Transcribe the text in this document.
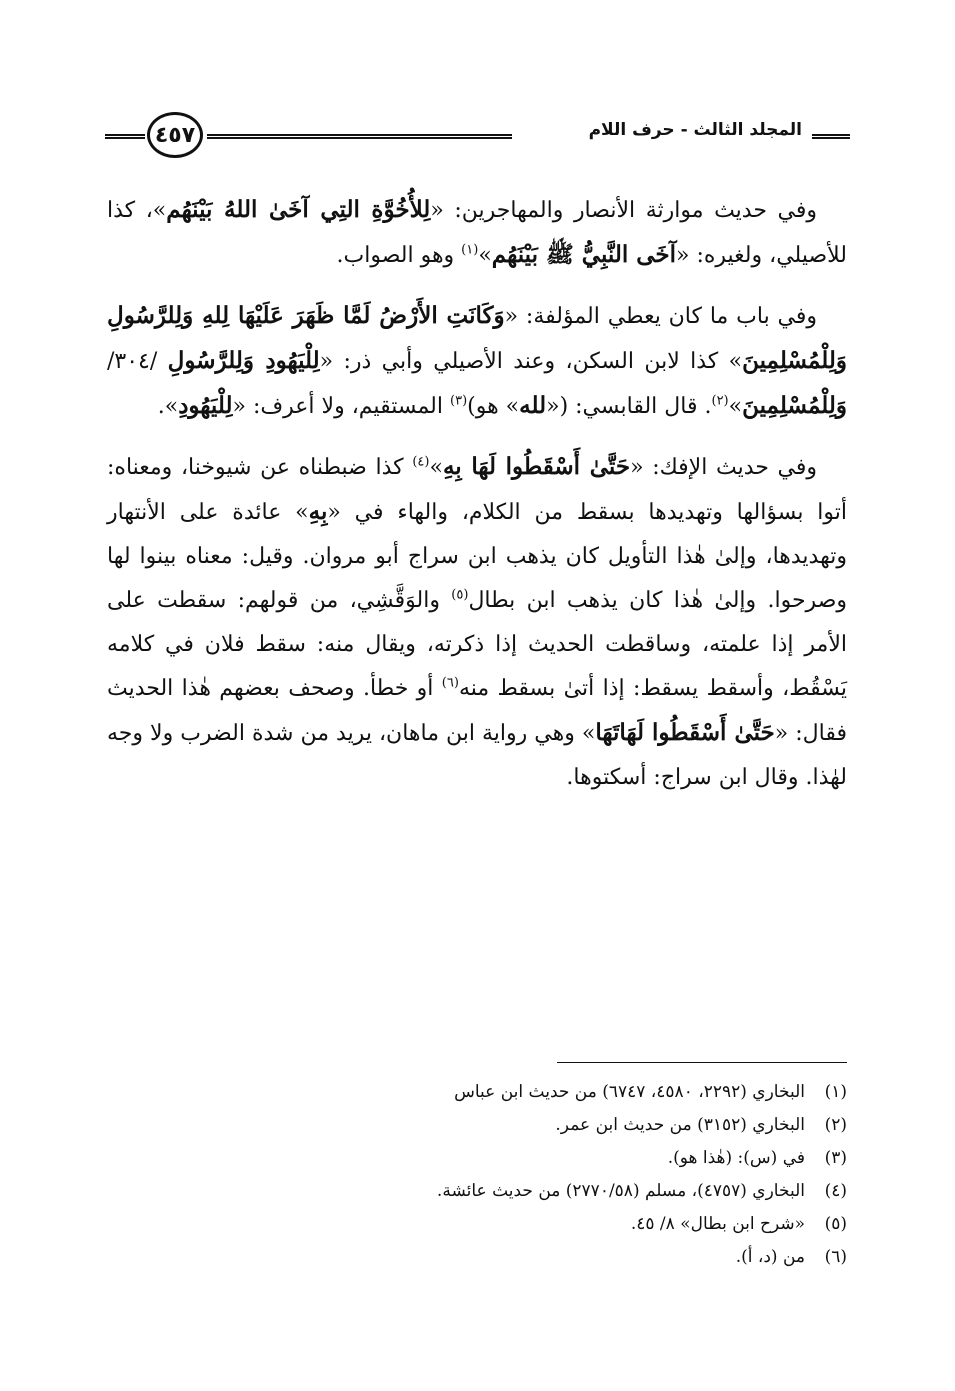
المجلد الثالث - حرف اللام
٤٥٧

وفي حديث موارثة الأنصار والمهاجرين: «لِلأُخُوَّةِ التِي آخَىٰ اللهُ بَيْنَهُم»، كذا للأصيلي، ولغيره: «آخَى النَّبِيُّ ﷺ بَيْنَهُم»$^{(١)}$ وهو الصواب.

وفي باب ما كان يعطي المؤلفة: «وَكَانَتِ الأَرْضُ لَمَّا ظَهَرَ عَلَيْهَا لِلهِ وَلِلرَّسُولِ وَلِلْمُسْلِمِينَ» كذا لابن السكن، وعند الأصيلي وأبي ذر: «لِلْيَهُودِ وَلِلرَّسُولِ /٣٠٤/ وَلِلْمُسْلِمِينَ»$^{(٢)}$. قال القابسي: («لله» هو)$^{(٣)}$ المستقيم، ولا أعرف: «لِلْيَهُودِ».

وفي حديث الإفك: «حَتَّىٰ أَسْقَطُوا لَهَا بِهِ»$^{(٤)}$ كذا ضبطناه عن شيوخنا، ومعناه: أتوا بسؤالها وتهديدها بسقط من الكلام، والهاء في «بِهِ» عائدة على الأنتهار وتهديدها، وإلىٰ هٰذا التأويل كان يذهب ابن سراج أبو مروان. وقيل: معناه بينوا لها وصرحوا. وإلىٰ هٰذا كان يذهب ابن بطال$^{(٥)}$ والوَقَّشِي، من قولهم: سقطت على الأمر إذا علمته، وساقطت الحديث إذا ذكرته، ويقال منه: سقط فلان في كلامه يَسْقُط، وأسقط يسقط: إذا أتىٰ بسقط منه$^{(٦)}$ أو خطأ. وصحف بعضهم هٰذا الحديث فقال: «حَتَّىٰ أَسْقَطُوا لَهَاتَهَا» وهي رواية ابن ماهان، يريد من شدة الضرب ولا وجه لهٰذا. وقال ابن سراج: أسكتوها.

(١)
البخاري (٢٢٩٢، ٤٥٨٠، ٦٧٤٧) من حديث ابن عباس
(٢)
البخاري (٣١٥٢) من حديث ابن عمر.
(٣)
في (س): (هٰذا هو).
(٤)
البخاري (٤٧٥٧)، مسلم (٢٧٧٠/٥٨) من حديث عائشة.
(٥)
«شرح ابن بطال» ٨/ ٤٥.
(٦)
من (د، أ).
